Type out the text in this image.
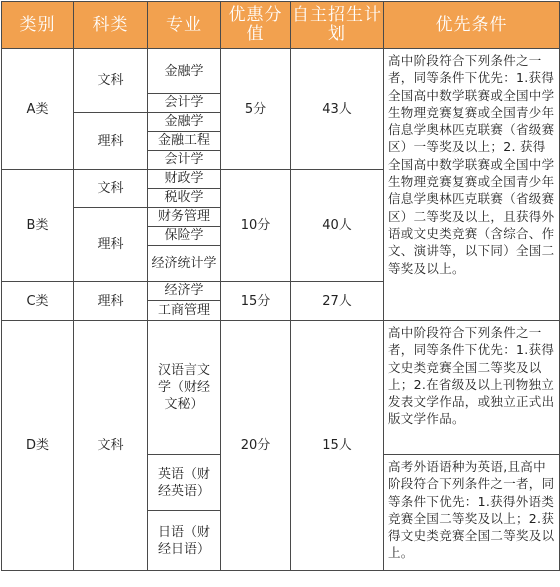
类别	科类	专业	优惠分值	自主招生计划	优先条件
A类	文科	金融学	5分	43人	高中阶段符合下列条件之一者，同等条件下优先：1.获得全国高中数学联赛或全国中学生物理竞赛复赛或全国青少年信息学奥林匹克联赛（省级赛区）一等奖及以上；2. 获得全国高中数学联赛或全国中学生物理竞赛复赛或全国青少年信息学奥林匹克联赛（省级赛区）二等奖及以上，且获得外语或文史类竞赛（含综合、作文、演讲等，以下同）全国二等奖及以上。
		会计学			
	理科	金融学			
		金融工程			
		会计学			
B类	文科	财政学	10分	40人	
		税收学			
	理科	财务管理			
		保险学			
		经济统计学			
C类	理科	经济学	15分	27人	
		工商管理			
D类	文科	汉语言文学（财经文秘）	20分	15人	高中阶段符合下列条件之一者，同等条件下优先：1.获得文史类竞赛全国二等奖及以上；2.在省级及以上刊物独立发表文学作品，或独立正式出版文学作品。
		英语（财经英语）			高考外语语种为英语,且高中阶段符合下列条件之一者，同等条件下优先：1.获得外语类竞赛全国二等奖及以上；2.获得文史类竞赛全国二等奖及以上。
		日语（财经日语）			
